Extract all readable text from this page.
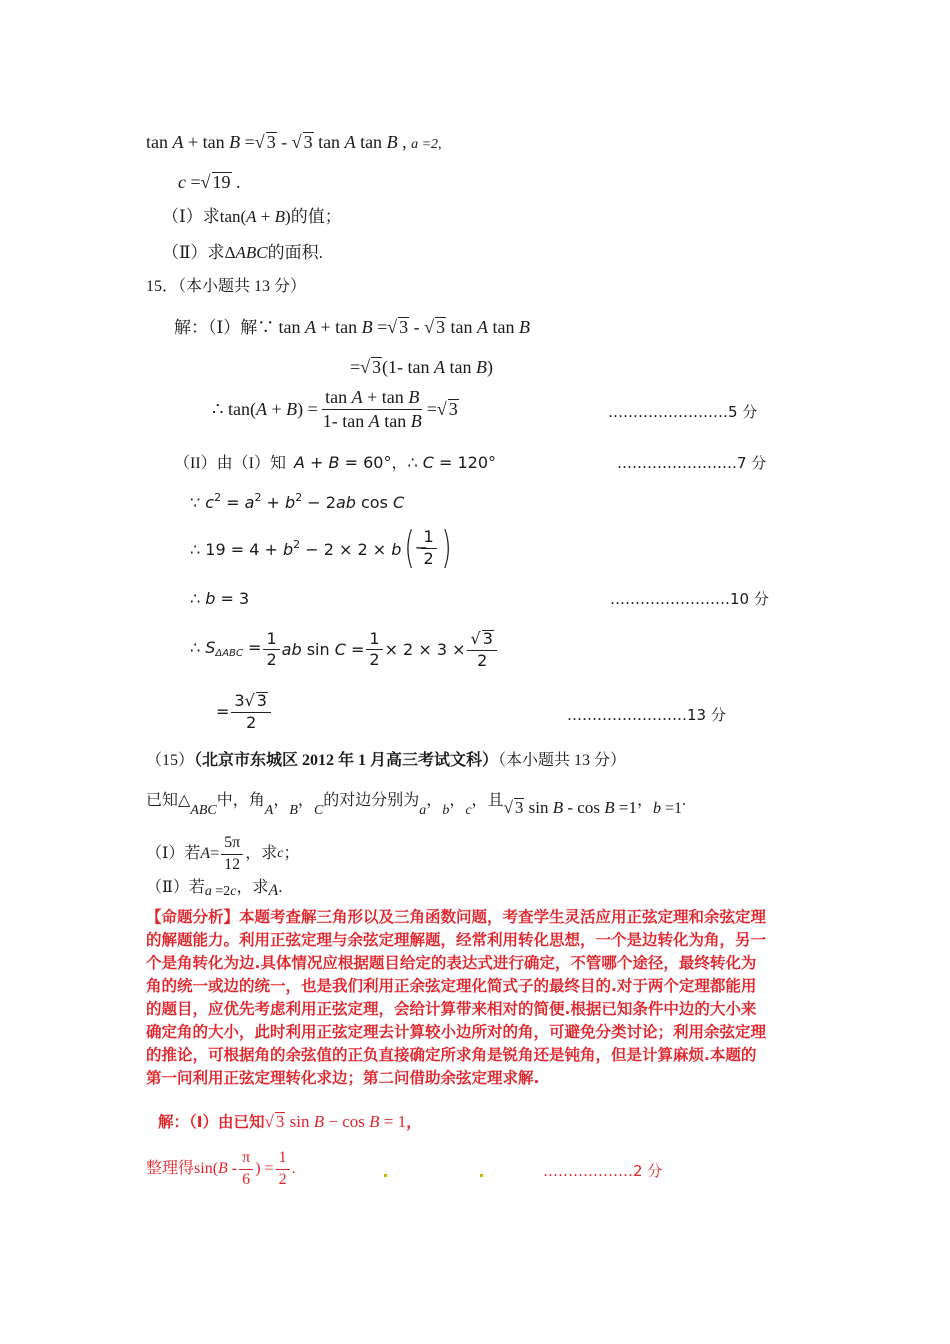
tan A + tan B =√ 3 - √ 3 tan A tan B , a =2,
c =√ 19 .
（Ⅰ）求tan(A + B)的值；
（Ⅱ）求ΔABC的面积.
15．（本小题共 13 分）
解：（Ⅰ）解∵ tan A + tan B =√ 3 - √ 3 tan A tan B
=√ 3(1- tan A tan B)
∴ $\tan(A + B) = \frac{\text{tan A + tan B}}{\text{1- tan A tan B}}$ =√ 3	……………………5 分
（II）由（I）知 A + B = 60°，∴ C = 120°	……………………7 分
∵ $c^2 = a^2 + b^2 - 2ab$ cos C
∴ $19 = 4 + b^2 - 2 \times 2 \times b$ ( $\frac{1}{2}$
− )
∴ b = 3	……………………10 分
∴ $S_{\Delta ABC} = \frac{1}{2}$ ab $\sin C = \frac{1}{2} \times 2 \times 3 \times \frac{√ 3}{2}$
= $\frac{3√ 3}{2}$	……………………13 分
（15）（北京市东城区 2012 年 1 月高三考试文科）（本小题共 13 分）
已知△ABC中，角A，B，C的对边分别为a，b，c，且√ 3 sin B - cos B =1，b =1.
（Ⅰ）若 $A = \frac{5\pi}{12}$ ，求 c ；
（Ⅱ）若a =2c，求A.
【命题分析】本题考查解三角形以及三角函数问题，考查学生灵活应用正弦定理和余弦定理
的解题能力。利用正弦定理与余弦定理解题，经常利用转化思想，一个是边转化为角，另一
个是角转化为边.具体情况应根据题目给定的表达式进行确定，不管哪个途径，最终转化为
角的统一或边的统一，也是我们利用正余弦定理化简式子的最终目的.对于两个定理都能用
的题目，应优先考虑利用正弦定理，会给计算带来相对的简便.根据已知条件中边的大小来
确定角的大小，此时利用正弦定理去计算较小边所对的角，可避免分类讨论；利用余弦定理
的推论，可根据角的余弦值的正负直接确定所求角是锐角还是钝角，但是计算麻烦.本题的
第一问利用正弦定理转化求边；第二问借助余弦定理求解.
解：（Ⅰ）由已知√ 3 sin B − cos B = 1，
整理得 $\sin(B - \frac{\pi}{6}$ ) = $\frac{1}{2}$ .	………………2 分
